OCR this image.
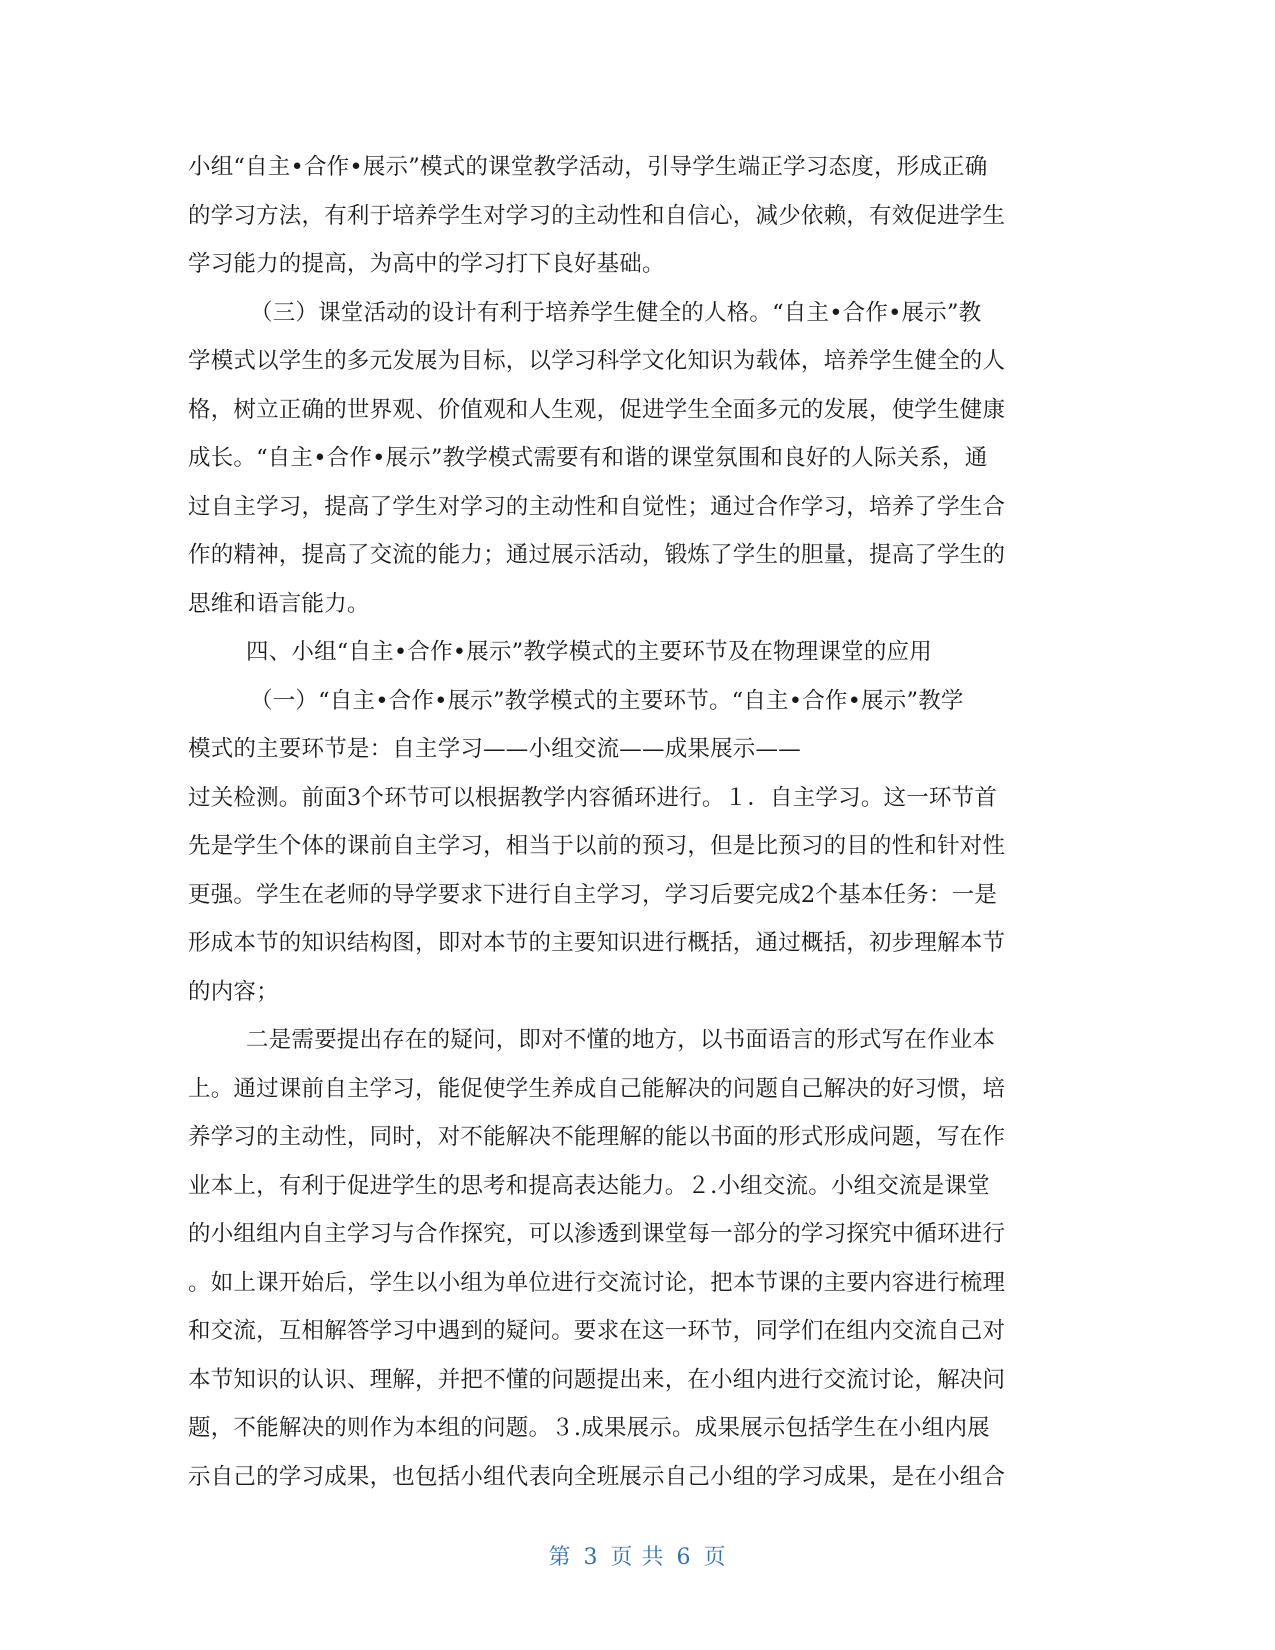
小组“自主•合作•展示”模式的课堂教学活动，引导学生端正学习态度，形成正确
的学习方法，有利于培养学生对学习的主动性和自信心，减少依赖，有效促进学生
学习能力的提高，为高中的学习打下良好基础。
（三）课堂活动的设计有利于培养学生健全的人格。“自主•合作•展示”教
学模式以学生的多元发展为目标，以学习科学文化知识为载体，培养学生健全的人
格，树立正确的世界观、价值观和人生观，促进学生全面多元的发展，使学生健康
成长。“自主•合作•展示”教学模式需要有和谐的课堂氛围和良好的人际关系，通
过自主学习，提高了学生对学习的主动性和自觉性；通过合作学习，培养了学生合
作的精神，提高了交流的能力；通过展示活动，锻炼了学生的胆量，提高了学生的
思维和语言能力。
四、小组“自主•合作•展示”教学模式的主要环节及在物理课堂的应用
（一）“自主•合作•展示”教学模式的主要环节。“自主•合作•展示”教学
模式的主要环节是：自主学习——小组交流——成果展示——
过关检测。前面3个环节可以根据教学内容循环进行。１．自主学习。这一环节首
先是学生个体的课前自主学习，相当于以前的预习，但是比预习的目的性和针对性
更强。学生在老师的导学要求下进行自主学习，学习后要完成2个基本任务：一是
形成本节的知识结构图，即对本节的主要知识进行概括，通过概括，初步理解本节
的内容；
二是需要提出存在的疑问，即对不懂的地方，以书面语言的形式写在作业本
上。通过课前自主学习，能促使学生养成自己能解决的问题自己解决的好习惯，培
养学习的主动性，同时，对不能解决不能理解的能以书面的形式形成问题，写在作
业本上，有利于促进学生的思考和提高表达能力。２.小组交流。小组交流是课堂
的小组组内自主学习与合作探究，可以渗透到课堂每一部分的学习探究中循环进行
。如上课开始后，学生以小组为单位进行交流讨论，把本节课的主要内容进行梳理
和交流，互相解答学习中遇到的疑问。要求在这一环节，同学们在组内交流自己对
本节知识的认识、理解，并把不懂的问题提出来，在小组内进行交流讨论，解决问
题，不能解决的则作为本组的问题。３.成果展示。成果展示包括学生在小组内展
示自己的学习成果，也包括小组代表向全班展示自己小组的学习成果，是在小组合
第 3 页 共 6 页
